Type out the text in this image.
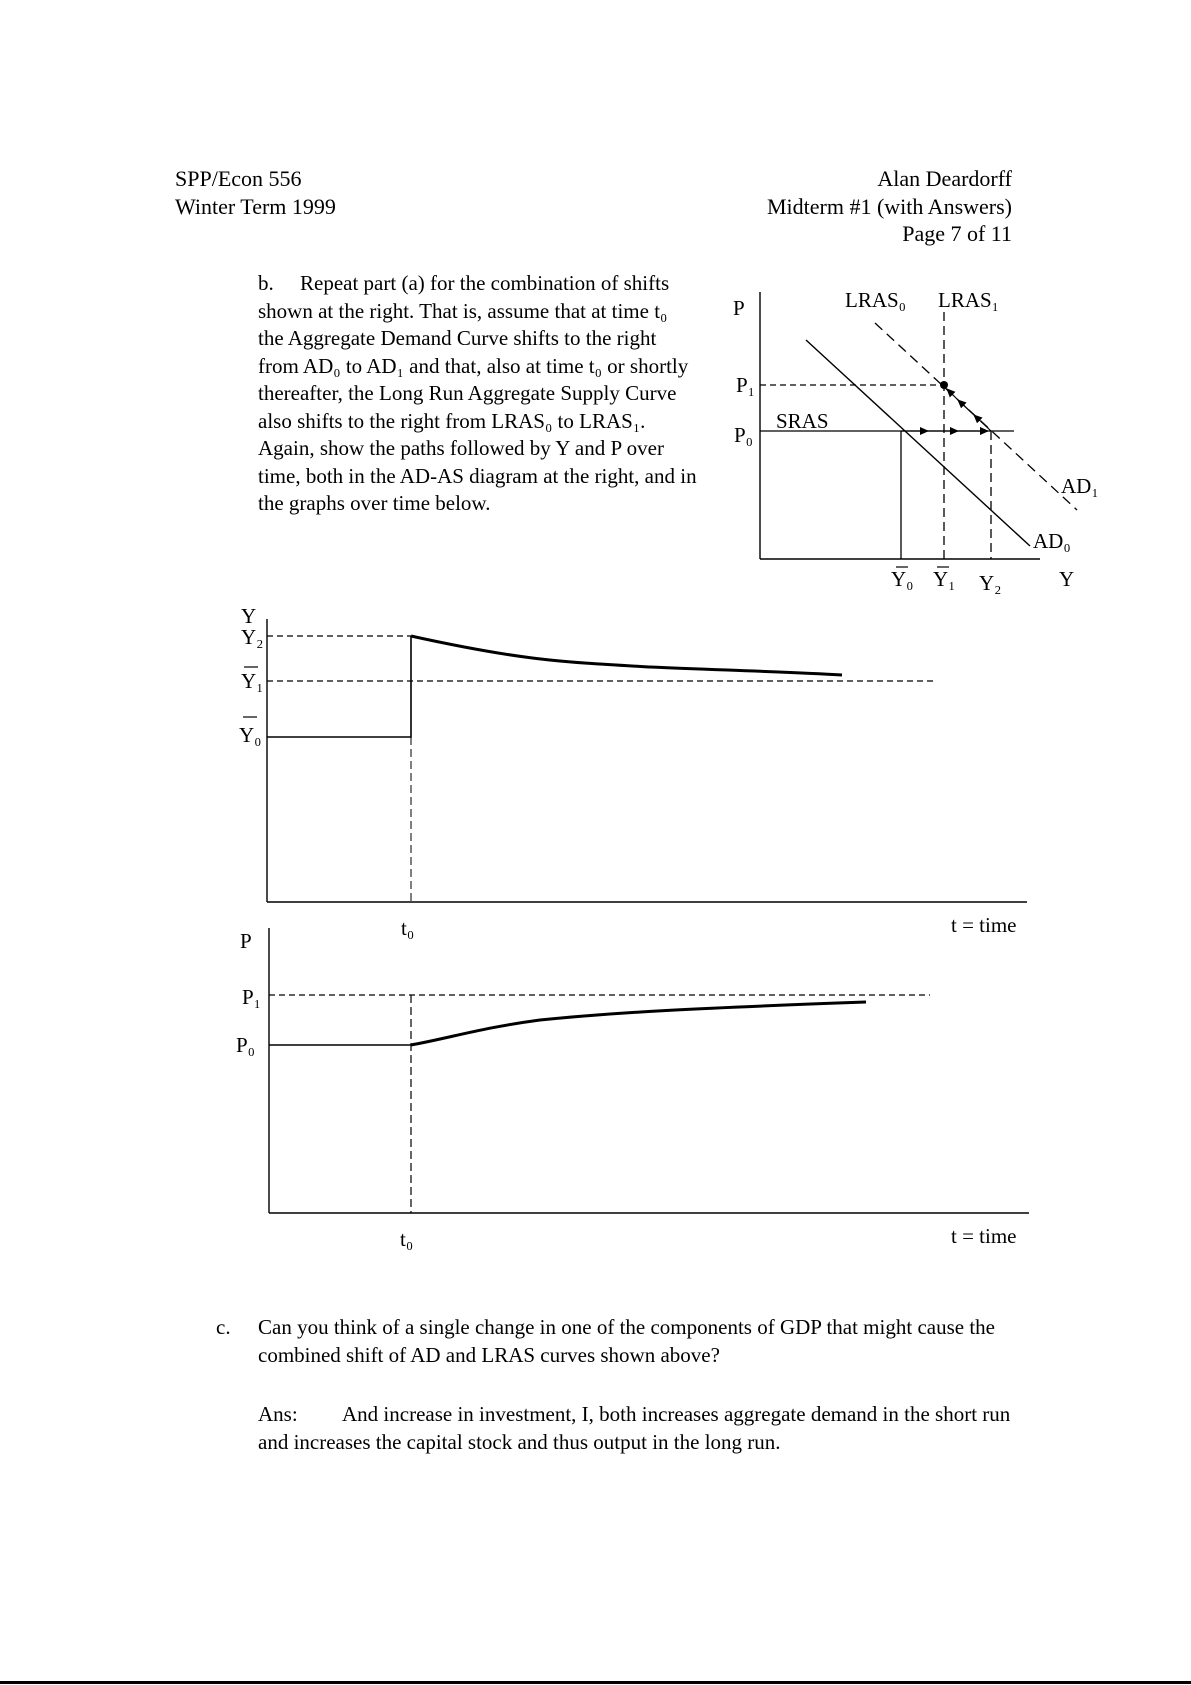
SPP/Econ 556
Winter Term 1999
Alan Deardorff
Midterm #1 (with Answers)
Page 7 of 11
b. Repeat part (a) for the combination of shifts shown at the right. That is, assume that at time t₀ the Aggregate Demand Curve shifts to the right from AD₀ to AD₁ and that, also at time t₀ or shortly thereafter, the Long Run Aggregate Supply Curve also shifts to the right from LRAS₀ to LRAS₁. Again, show the paths followed by Y and P over time, both in the AD-AS diagram at the right, and in the graphs over time below.
P
Y
LRAS₀ LRAS₁
SRAS
AD₁
AD₀
P₁
P₀
Y₀ Y₁ Y₂
Y
Y₂
Y₁
Y₀
t₀	t = time
P
P₁
P₀
t₀	t = time
c. Can you think of a single change in one of the components of GDP that might cause the combined shift of AD and LRAS curves shown above?
Ans: And increase in investment, I, both increases aggregate demand in the short run and increases the capital stock and thus output in the long run.
